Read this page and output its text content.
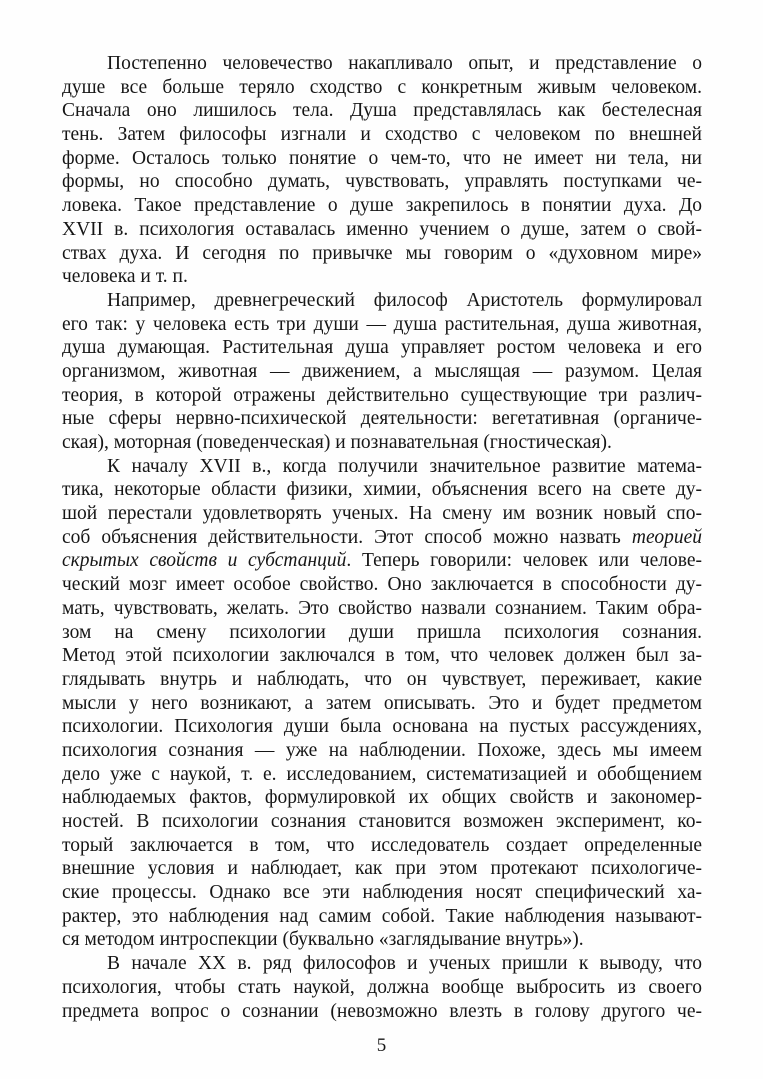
Постепенно человечество накапливало опыт, и представление о
душе все больше теряло сходство с конкретным живым человеком.
Сначала оно лишилось тела. Душа представлялась как бестелесная
тень. Затем философы изгнали и сходство с человеком по внешней
форме. Осталось только понятие о чем-то, что не имеет ни тела, ни
формы, но способно думать, чувствовать, управлять поступками че-
ловека. Такое представление о душе закрепилось в понятии духа. До
XVII в. психология оставалась именно учением о душе, затем о свой-
ствах духа. И сегодня по привычке мы говорим о «духовном мире»
человека и т. п.
Например, древнегреческий философ Аристотель формулировал
его так: у человека есть три души — душа растительная, душа животная,
душа думающая. Растительная душа управляет ростом человека и его
организмом, животная — движением, а мыслящая — разумом. Целая
теория, в которой отражены действительно существующие три различ-
ные сферы нервно-психической деятельности: вегетативная (органиче-
ская), моторная (поведенческая) и познавательная (гностическая).
К началу XVII в., когда получили значительное развитие матема-
тика, некоторые области физики, химии, объяснения всего на свете ду-
шой перестали удовлетворять ученых. На смену им возник новый спо-
соб объяснения действительности. Этот способ можно назвать теорией
скрытых свойств и субстанций. Теперь говорили: человек или челове-
ческий мозг имеет особое свойство. Оно заключается в способности ду-
мать, чувствовать, желать. Это свойство назвали сознанием. Таким обра-
зом на смену психологии души пришла психология сознания.
Метод этой психологии заключался в том, что человек должен был за-
глядывать внутрь и наблюдать, что он чувствует, переживает, какие
мысли у него возникают, а затем описывать. Это и будет предметом
психологии. Психология души была основана на пустых рассуждениях,
психология сознания — уже на наблюдении. Похоже, здесь мы имеем
дело уже с наукой, т. е. исследованием, систематизацией и обобщением
наблюдаемых фактов, формулировкой их общих свойств и закономер-
ностей. В психологии сознания становится возможен эксперимент, ко-
торый заключается в том, что исследователь создает определенные
внешние условия и наблюдает, как при этом протекают психологиче-
ские процессы. Однако все эти наблюдения носят специфический ха-
рактер, это наблюдения над самим собой. Такие наблюдения называют-
ся методом интроспекции (буквально «заглядывание внутрь»).
В начале XX в. ряд философов и ученых пришли к выводу, что
психология, чтобы стать наукой, должна вообще выбросить из своего
предмета вопрос о сознании (невозможно влезть в голову другого че-
5
